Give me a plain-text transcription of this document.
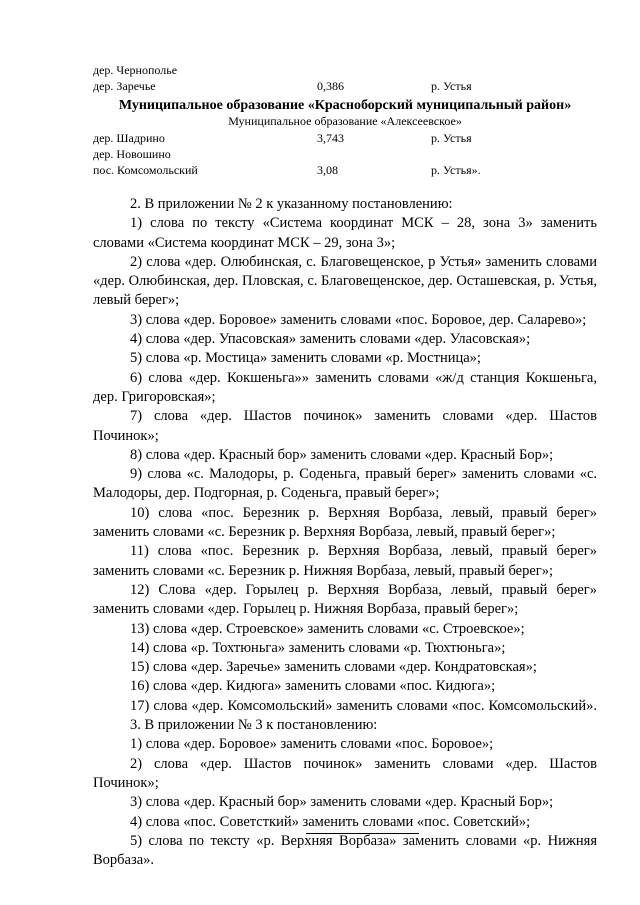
дер. Чернополье
дер. Заречье	0,386	р. Устья
Муниципальное образование «Красноборский муниципальный район»
Муниципальное образование «Алексеевское»
дер. Шадрино	3,743	р. Устья
дер. Новошино
пос. Комсомольский	3,08	р. Устья».

2. В приложении № 2 к указанному постановлению:

1) слова по тексту «Система координат МСК – 28, зона 3» заменить словами «Система координат МСК – 29, зона 3»;

2) слова «дер. Олюбинская, с. Благовещенское, р Устья» заменить словами «дер. Олюбинская, дер. Пловская, с. Благовещенское, дер. Осташевская, р. Устья, левый берег»;

3) слова «дер. Боровое» заменить словами «пос. Боровое, дер. Саларево»;

4) слова «дер. Упасовская» заменить словами «дер. Уласовская»;

5) слова «р. Мостица» заменить словами «р. Мостница»;

6) слова «дер. Кокшеньга»» заменить словами «ж/д станция Кокшеньга, дер. Григоровская»;

7) слова «дер. Шастов починок» заменить словами «дер. Шастов Починок»;

8) слова «дер. Красный бор» заменить словами «дер. Красный Бор»;

9) слова «с. Малодоры, р. Соденьга, правый берег» заменить словами «с. Малодоры, дер. Подгорная, р. Соденьга, правый берег»;

10) слова «пос. Березник р. Верхняя Ворбаза, левый, правый берег» заменить словами «с. Березник р. Верхняя Ворбаза, левый, правый берег»;

11) слова «пос. Березник р. Верхняя Ворбаза, левый, правый берег» заменить словами «с. Березник р. Нижняя Ворбаза, левый, правый берег»;

12) Слова «дер. Горылец р. Верхняя Ворбаза, левый, правый берег» заменить словами «дер. Горылец р. Нижняя Ворбаза, правый берег»;

13) слова «дер. Строевское» заменить словами «с. Строевское»;

14) слова «р. Тохтюньга» заменить словами «р. Тюхтюньга»;

15) слова «дер. Заречье» заменить словами «дер. Кондратовская»;

16) слова «дер. Кидюга» заменить словами «пос. Кидюга»;

17) слова «дер. Комсомольский» заменить словами «пос. Комсомольский».

3. В приложении № 3 к постановлению:

1) слова «дер. Боровое» заменить словами «пос. Боровое»;

2) слова «дер. Шастов починок» заменить словами «дер. Шастов Починок»;

3) слова «дер. Красный бор» заменить словами «дер. Красный Бор»;

4) слова «пос. Советсткий» заменить словами «пос. Советский»;

5) слова по тексту «р. Верхняя Ворбаза» заменить словами «р. Нижняя Ворбаза».
